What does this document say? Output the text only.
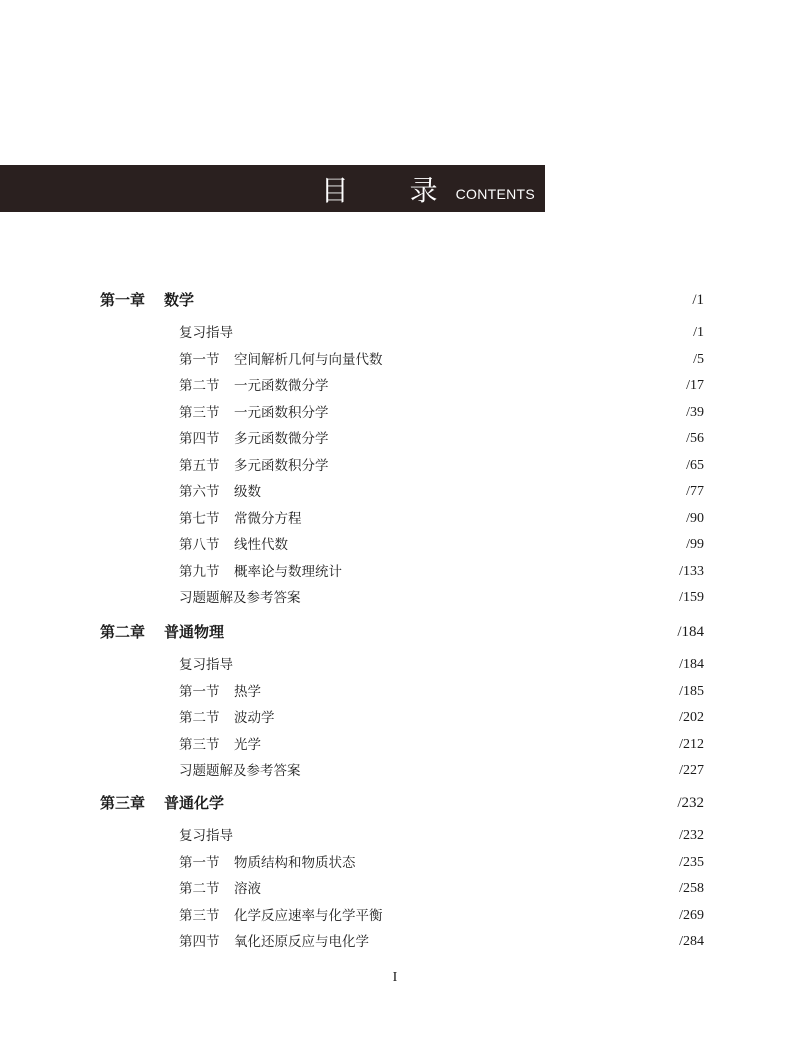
目 录
CONTENTS
第一章 数学	/1
复习指导	/1
第一节 空间解析几何与向量代数	/5
第二节 一元函数微分学	/17
第三节 一元函数积分学	/39
第四节 多元函数微分学	/56
第五节 多元函数积分学	/65
第六节 级数	/77
第七节 常微分方程	/90
第八节 线性代数	/99
第九节 概率论与数理统计	/133
习题题解及参考答案	/159
第二章 普通物理	/184
复习指导	/184
第一节 热学	/185
第二节 波动学	/202
第三节 光学	/212
习题题解及参考答案	/227
第三章 普通化学	/232
复习指导	/232
第一节 物质结构和物质状态	/235
第二节 溶液	/258
第三节 化学反应速率与化学平衡	/269
第四节 氧化还原反应与电化学	/284
I
